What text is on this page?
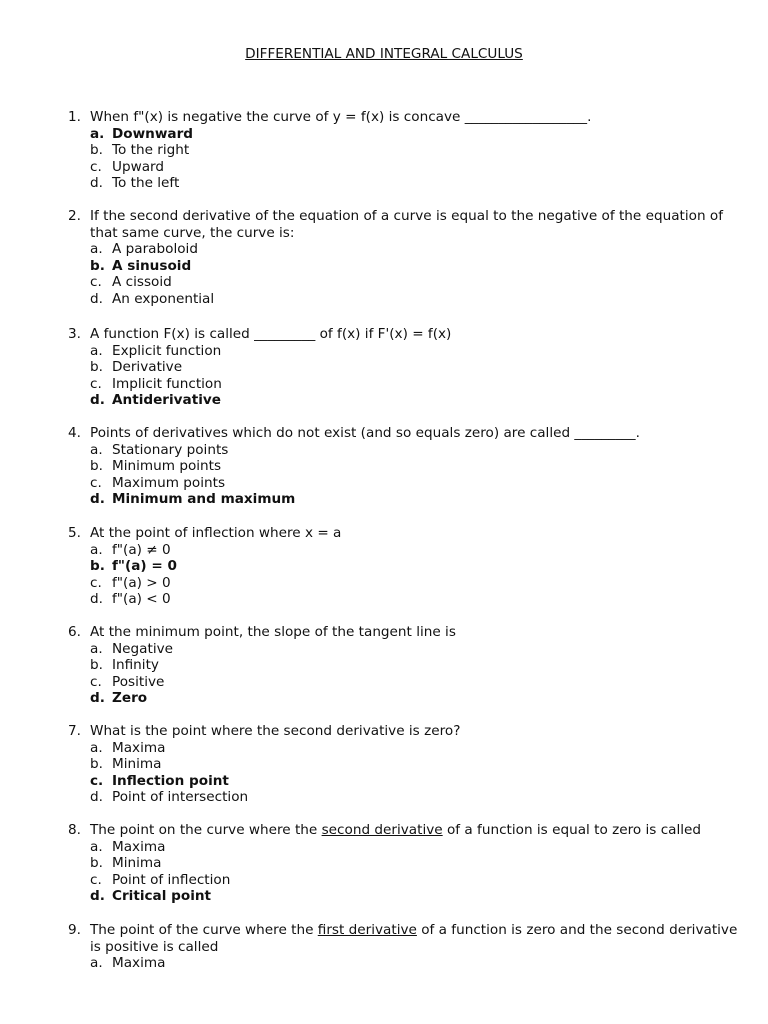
DIFFERENTIAL AND INTEGRAL CALCULUS
1. When f"(x) is negative the curve of y = f(x) is concave __________________.
a. Downward
b. To the right
c. Upward
d. To the left
2. If the second derivative of the equation of a curve is equal to the negative of the equation of that same curve, the curve is:
a. A paraboloid
b. A sinusoid
c. A cissoid
d. An exponential
3. A function F(x) is called _________ of f(x) if F'(x) = f(x)
a. Explicit function
b. Derivative
c. Implicit function
d. Antiderivative
4. Points of derivatives which do not exist (and so equals zero) are called _________.
a. Stationary points
b. Minimum points
c. Maximum points
d. Minimum and maximum
5. At the point of inflection where x = a
a. f"(a) ≠ 0
b. f"(a) = 0
c. f"(a) > 0
d. f"(a) < 0
6. At the minimum point, the slope of the tangent line is
a. Negative
b. Infinity
c. Positive
d. Zero
7. What is the point where the second derivative is zero?
a. Maxima
b. Minima
c. Inflection point
d. Point of intersection
8. The point on the curve where the second derivative of a function is equal to zero is called
a. Maxima
b. Minima
c. Point of inflection
d. Critical point
9. The point of the curve where the first derivative of a function is zero and the second derivative is positive is called
a. Maxima
